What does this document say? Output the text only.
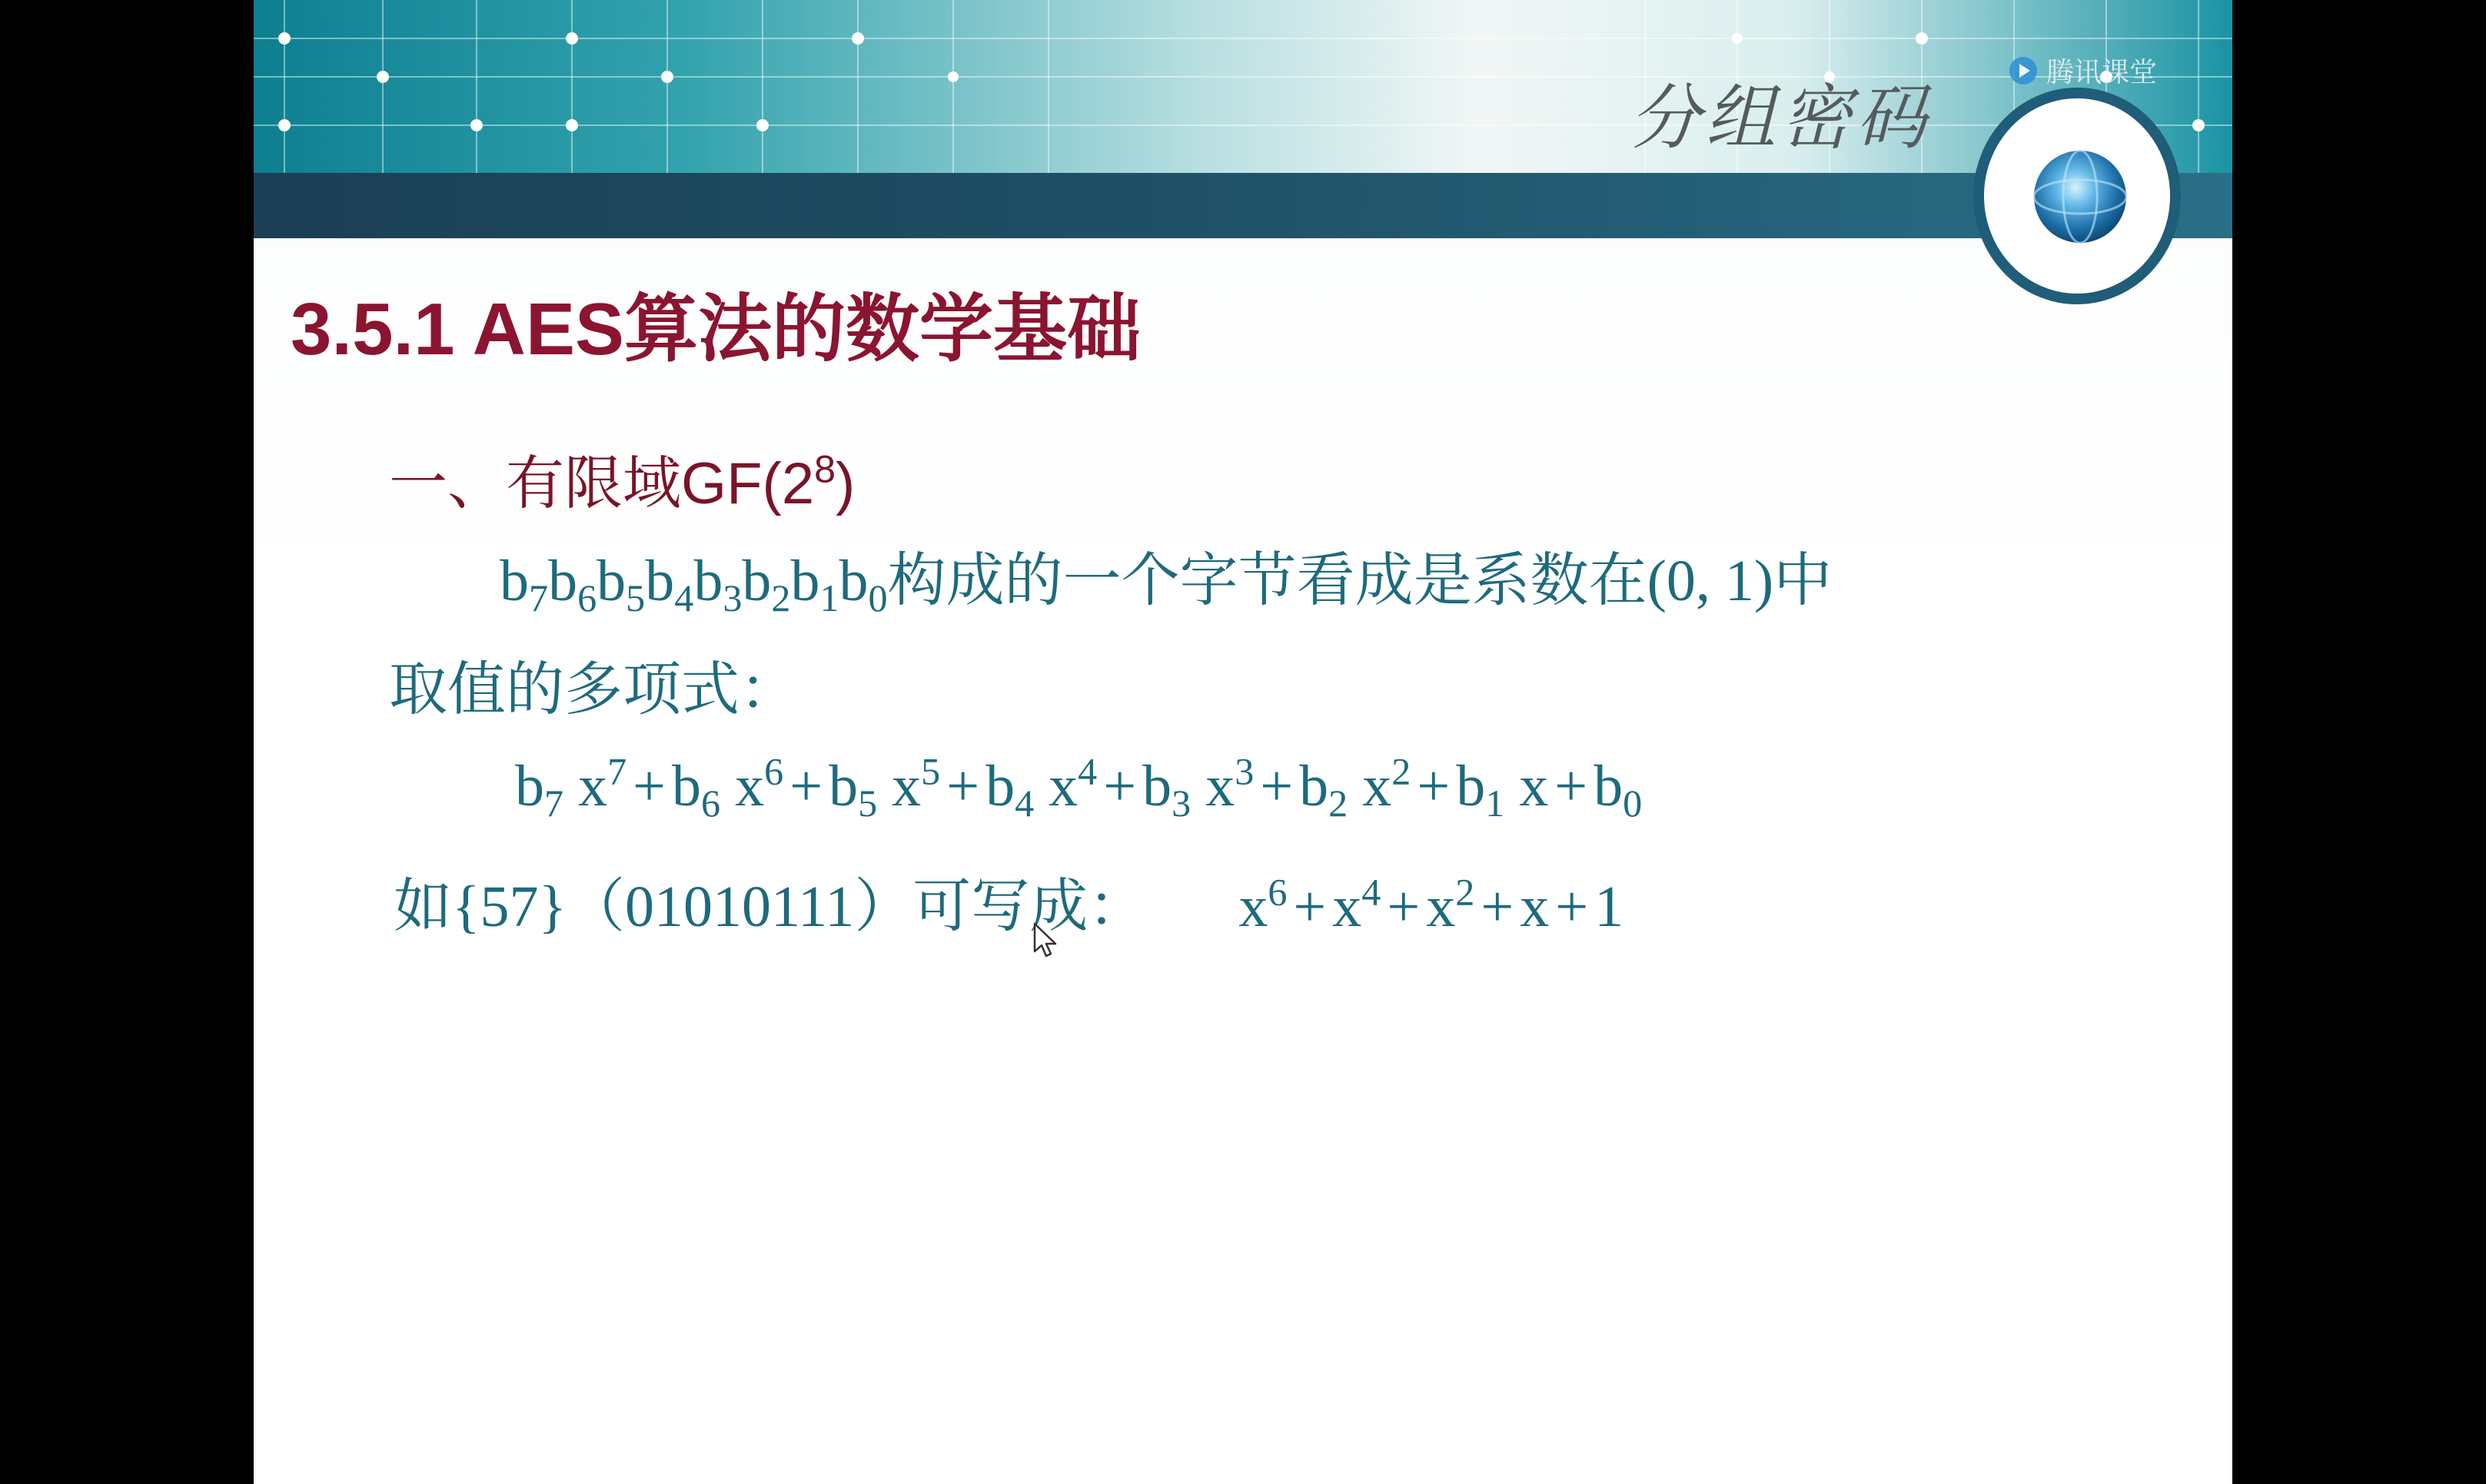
分组密码
腾讯课堂
3.5.1 AES算法的数学基础
一、有限域$GF(2^8)$
$b_7b_6b_5b_4b_3b_2b_1b_0$构成的一个字节看成是系数在(0, 1)中
取值的多项式：
$b_7$ $x^7 + b_6$ $x^6 + b_5$ $x^5 + b_4$ $x^4 + b_3$ $x^3 + b_2$ $x^2 + b_1$ $x + b_0$
如{57}（01010111）可写成： $x^6 + x^4 + x^2 + x + 1$
